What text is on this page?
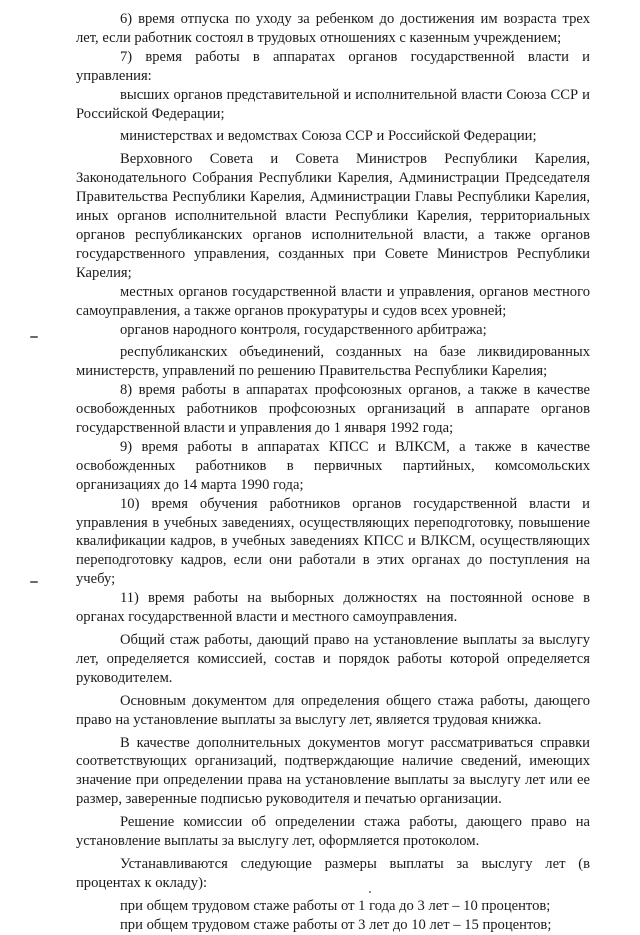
6) время отпуска по уходу за ребенком до достижения им возраста трех лет, если работник состоял в трудовых отношениях с казенным учреждением;

7) время работы в аппаратах органов государственной власти и управления:

высших органов представительной и исполнительной власти Союза ССР и Российской Федерации;

министерствах и ведомствах Союза ССР и Российской Федерации;

Верховного Совета и Совета Министров Республики Карелия, Законодательного Собрания Республики Карелия, Администрации Председателя Правительства Республики Карелия, Администрации Главы Республики Карелия, иных органов исполнительной власти Республики Карелия, территориальных органов республиканских органов исполнительной власти, а также органов государственного управления, созданных при Совете Министров Республики Карелия;

местных органов государственной власти и управления, органов местного самоуправления, а также органов прокуратуры и судов всех уровней;

органов народного контроля, государственного арбитража;

республиканских объединений, созданных на базе ликвидированных министерств, управлений по решению Правительства Республики Карелия;

8) время работы в аппаратах профсоюзных органов, а также в качестве освобожденных работников профсоюзных организаций в аппарате органов государственной власти и управления до 1 января 1992 года;

9) время работы в аппаратах КПСС и ВЛКСМ, а также в качестве освобожденных работников в первичных партийных, комсомольских организациях до 14 марта 1990 года;

10) время обучения работников органов государственной власти и управления в учебных заведениях, осуществляющих переподготовку, повышение квалификации кадров, в учебных заведениях КПСС и ВЛКСМ, осуществляющих переподготовку кадров, если они работали в этих органах до поступления на учебу;

11) время работы на выборных должностях на постоянной основе в органах государственной власти и местного самоуправления.

Общий стаж работы, дающий право на установление выплаты за выслугу лет, определяется комиссией, состав и порядок работы которой определяется руководителем.

Основным документом для определения общего стажа работы, дающего право на установление выплаты за выслугу лет, является трудовая книжка.

В качестве дополнительных документов могут рассматриваться справки соответствующих организаций, подтверждающие наличие сведений, имеющих значение при определении права на установление выплаты за выслугу лет или ее размер, заверенные подписью руководителя и печатью организации.

Решение комиссии об определении стажа работы, дающего право на установление выплаты за выслугу лет, оформляется протоколом.

Устанавливаются следующие размеры выплаты за выслугу лет (в процентах к окладу):

при общем трудовом стаже работы от 1 года до 3 лет – 10 процентов;

при общем трудовом стаже работы от 3 лет до 10 лет – 15 процентов;
